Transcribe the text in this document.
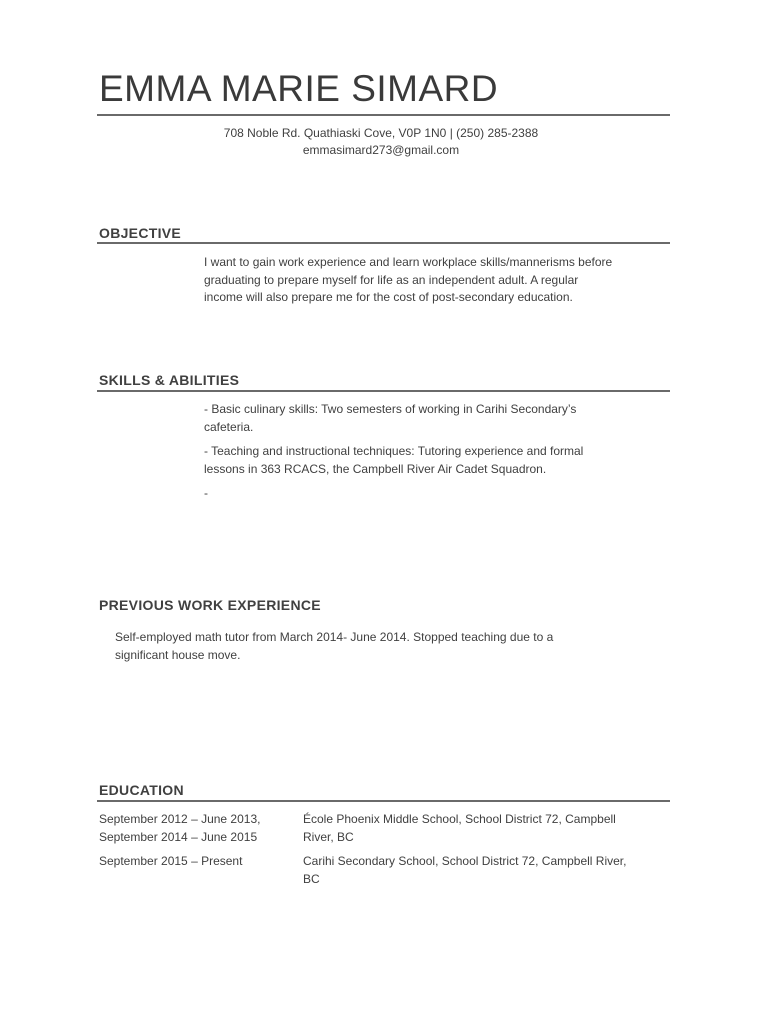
EMMA MARIE SIMARD
708 Noble Rd. Quathiaski Cove, V0P 1N0 | (250) 285-2388
emmasimard273@gmail.com
OBJECTIVE

I want to gain work experience and learn workplace skills/mannerisms before graduating to prepare myself for life as an independent adult. A regular income will also prepare me for the cost of post-secondary education.

SKILLS & ABILITIES

- Basic culinary skills: Two semesters of working in Carihi Secondary’s cafeteria.

- Teaching and instructional techniques: Tutoring experience and formal lessons in 363 RCACS, the Campbell River Air Cadet Squadron.

-

PREVIOUS WORK EXPERIENCE

Self-employed math tutor from March 2014- June 2014. Stopped teaching due to a significant house move.

EDUCATION
September 2012 – June 2013, September 2014 – June 2015
École Phoenix Middle School, School District 72, Campbell River, BC
September 2015 – Present	Carihi Secondary School, School District 72, Campbell River, BC
